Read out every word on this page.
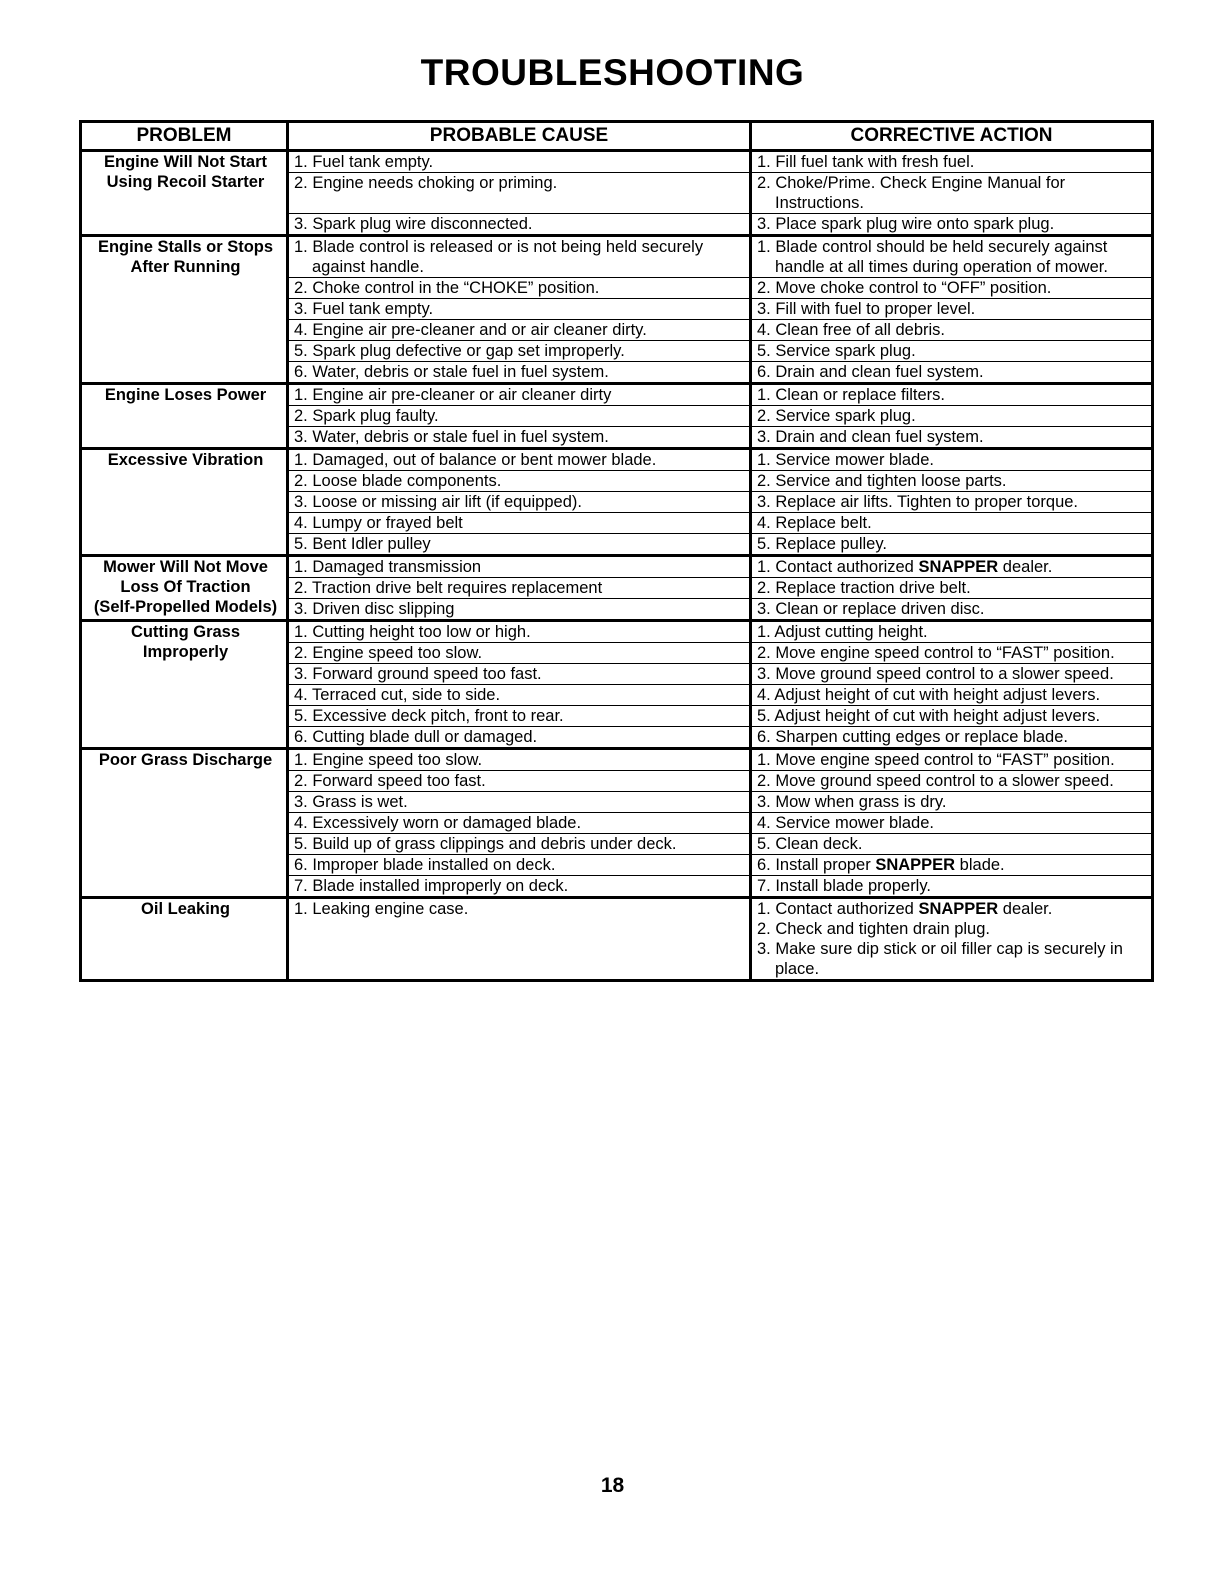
TROUBLESHOOTING
PROBLEM	PROBABLE CAUSE	CORRECTIVE ACTION

Engine Will Not Start
Using Recoil Starter	1. Fuel tank empty.	1. Fill fuel tank with fresh fuel.

	2. Engine needs choking or priming.	2. Choke/Prime. Check Engine Manual for Instructions.

	3. Spark plug wire disconnected.	3. Place spark plug wire onto spark plug.

Engine Stalls or Stops
After Running	1. Blade control is released or is not being held securely against handle.	1. Blade control should be held securely against handle at all times during operation of mower.

	2. Choke control in the “CHOKE” position.	2. Move choke control to “OFF” position.

	3. Fuel tank empty.	3. Fill with fuel to proper level.

	4. Engine air pre-cleaner and or air cleaner dirty.	4. Clean free of all debris.

	5. Spark plug defective or gap set improperly.	5. Service spark plug.

	6. Water, debris or stale fuel in fuel system.	6. Drain and clean fuel system.

Engine Loses Power	1. Engine air pre-cleaner or air cleaner dirty	1. Clean or replace filters.

	2. Spark plug faulty.	2. Service spark plug.

	3. Water, debris or stale fuel in fuel system.	3. Drain and clean fuel system.

Excessive Vibration	1. Damaged, out of balance or bent mower blade.	1. Service mower blade.

	2. Loose blade components.	2. Service and tighten loose parts.

	3. Loose or missing air lift (if equipped).	3. Replace air lifts. Tighten to proper torque.

	4. Lumpy or frayed belt	4. Replace belt.

	5. Bent Idler pulley	5. Replace pulley.

Mower Will Not Move
Loss Of Traction
(Self-Propelled Models)	1. Damaged transmission	1. Contact authorized SNAPPER dealer.

	2. Traction drive belt requires replacement	2. Replace traction drive belt.

	3. Driven disc slipping	3. Clean or replace driven disc.

Cutting Grass
Improperly	1. Cutting height too low or high.	1. Adjust cutting height.

	2. Engine speed too slow.	2. Move engine speed control to “FAST” position.

	3. Forward ground speed too fast.	3. Move ground speed control to a slower speed.

	4. Terraced cut, side to side.	4. Adjust height of cut with height adjust levers.

	5. Excessive deck pitch, front to rear.	5. Adjust height of cut with height adjust levers.

	6. Cutting blade dull or damaged.	6. Sharpen cutting edges or replace blade.

Poor Grass Discharge	1. Engine speed too slow.	1. Move engine speed control to “FAST” position.

	2. Forward speed too fast.	2. Move ground speed control to a slower speed.

	3. Grass is wet.	3. Mow when grass is dry.

	4. Excessively worn or damaged blade.	4. Service mower blade.

	5. Build up of grass clippings and debris under deck.	5. Clean deck.

	6. Improper blade installed on deck.	6. Install proper SNAPPER blade.

	7. Blade installed improperly on deck.	7. Install blade properly.

Oil Leaking	1. Leaking engine case.	1. Contact authorized SNAPPER dealer.
2. Check and tighten drain plug.
3. Make sure dip stick or oil filler cap is securely in place.
18
